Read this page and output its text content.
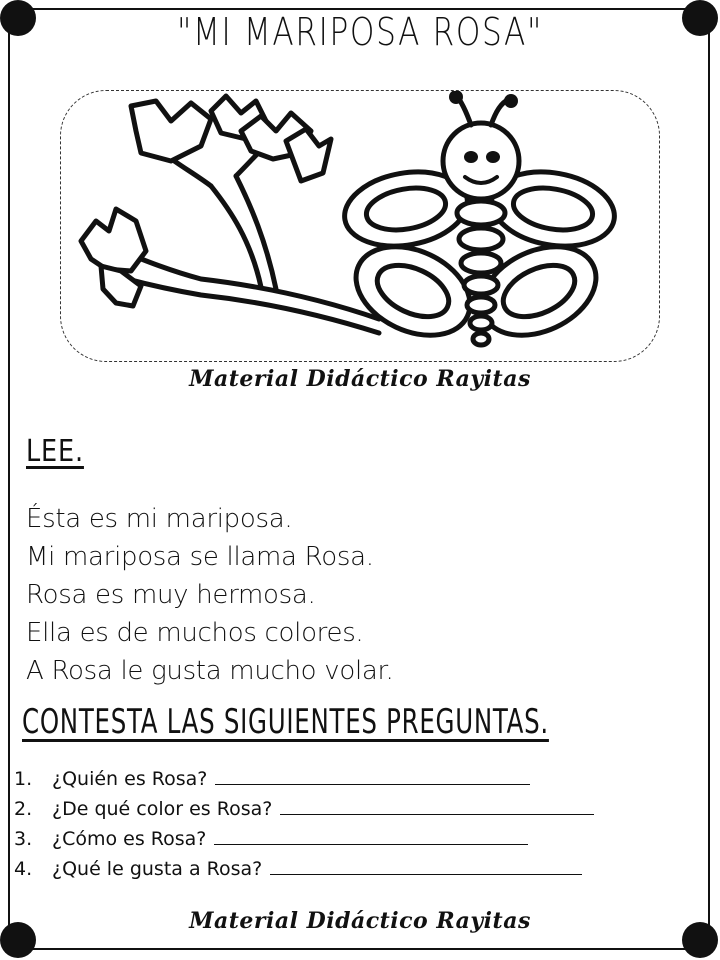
"MI MARIPOSA ROSA"
Material Didáctico Rayitas
LEE.
Ésta es mi mariposa.
Mi mariposa se llama Rosa.
Rosa es muy hermosa.
Ella es de muchos colores.
A Rosa le gusta mucho volar.
CONTESTA LAS SIGUIENTES PREGUNTAS.
1. ¿Quién es Rosa?
2. ¿De qué color es Rosa?
3. ¿Cómo es Rosa?
4. ¿Qué le gusta a Rosa?
Material Didáctico Rayitas
